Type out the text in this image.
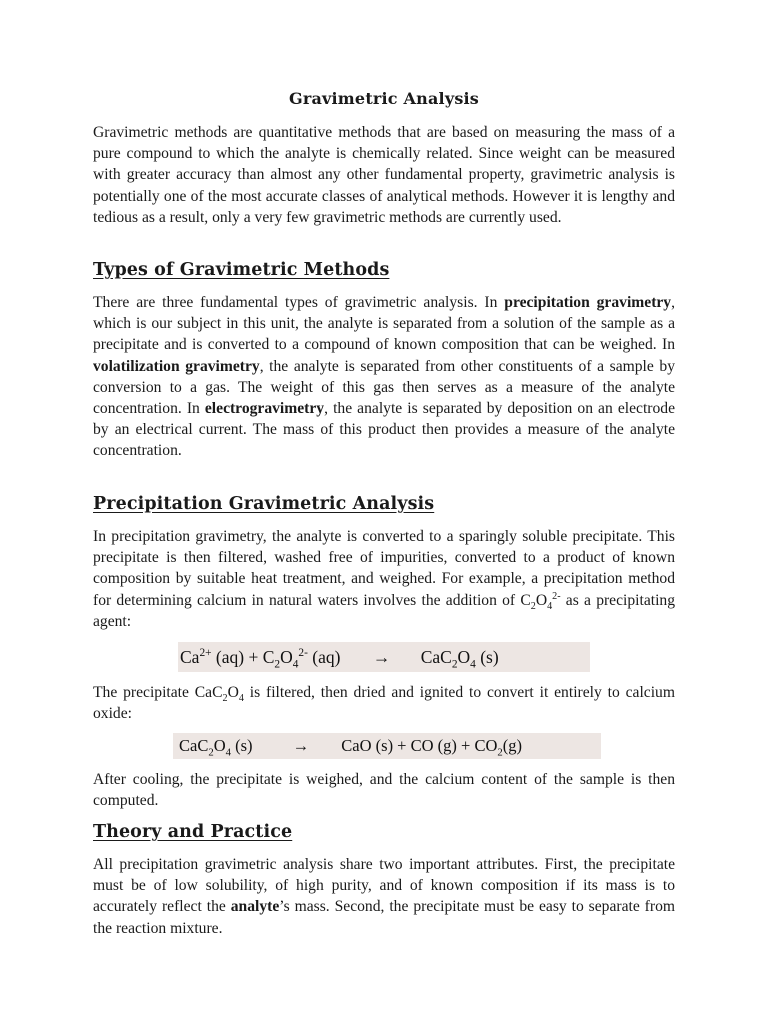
Gravimetric Analysis

Gravimetric methods are quantitative methods that are based on measuring the mass of a pure compound to which the analyte is chemically related. Since weight can be measured with greater accuracy than almost any other fundamental property, gravimetric analysis is potentially one of the most accurate classes of analytical methods. However it is lengthy and tedious as a result, only a very few gravimetric methods are currently used.

Types of Gravimetric Methods

There are three fundamental types of gravimetric analysis. In precipitation gravimetry, which is our subject in this unit, the analyte is separated from a solution of the sample as a precipitate and is converted to a compound of known composition that can be weighed. In volatilization gravimetry, the analyte is separated from other constituents of a sample by conversion to a gas. The weight of this gas then serves as a measure of the analyte concentration. In electrogravimetry, the analyte is separated by deposition on an electrode by an electrical current. The mass of this product then provides a measure of the analyte concentration.

Precipitation Gravimetric Analysis

In precipitation gravimetry, the analyte is converted to a sparingly soluble precipitate. This precipitate is then filtered, washed free of impurities, converted to a product of known composition by suitable heat treatment, and weighed. For example, a precipitation method for determining calcium in natural waters involves the addition of $C_2O_4^{2-}$ as a precipitating agent:

$Ca^{2+}$ $(aq) + C_2O_4^{2-}$ $(aq) \to CaC_2O_4$ (s)

The precipitate $CaC_2O_4$ is filtered, then dried and ignited to convert it entirely to calcium oxide:

$CaC_2O_4$ (s) → CaO (s) + CO $(g) + CO_2(g)$

After cooling, the precipitate is weighed, and the calcium content of the sample is then computed.

Theory and Practice

All precipitation gravimetric analysis share two important attributes. First, the precipitate must be of low solubility, of high purity, and of known composition if its mass is to accurately reflect the analyte’s mass. Second, the precipitate must be easy to separate from the reaction mixture.
